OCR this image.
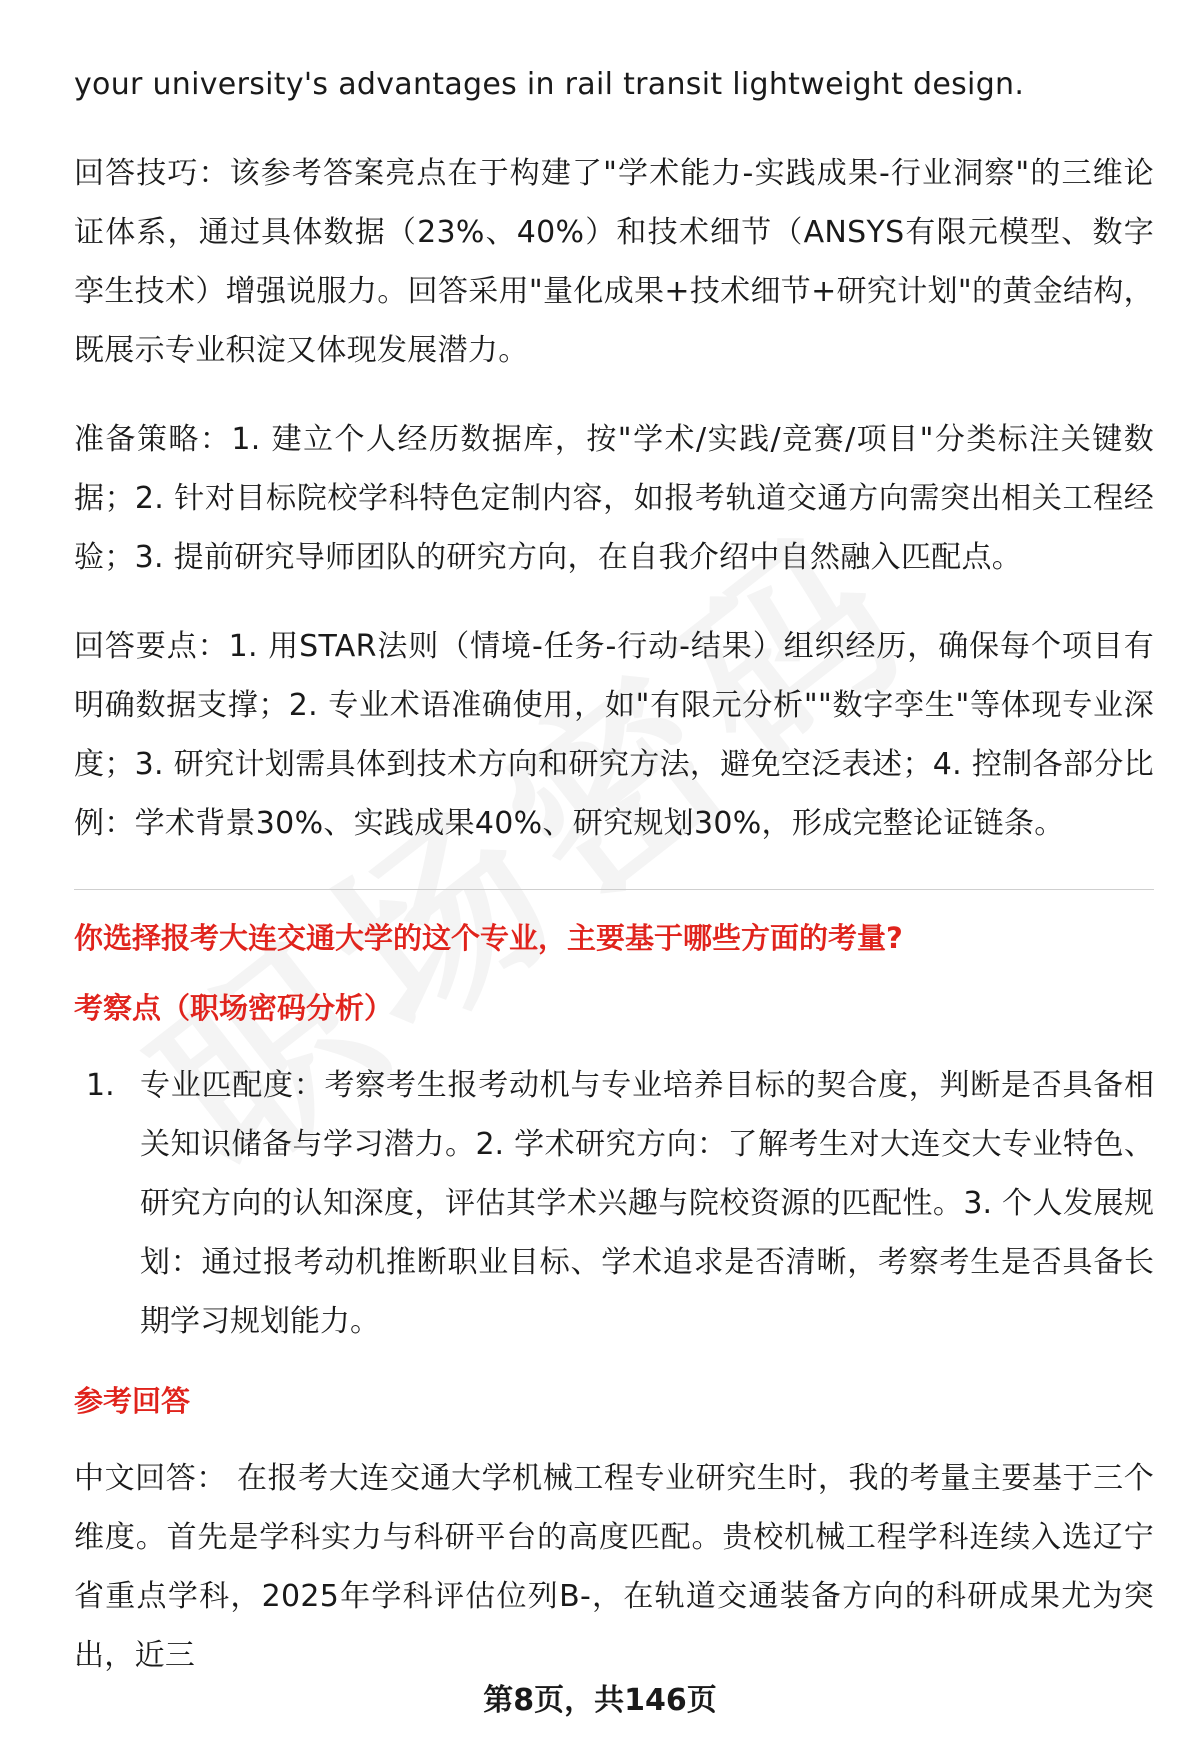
your university's advantages in rail transit lightweight design.

回答技巧：该参考答案亮点在于构建了"学术能力-实践成果-行业洞察"的三维论证体系，通过具体数据（23%、40%）和技术细节（ANSYS有限元模型、数字孪生技术）增强说服力。回答采用"量化成果+技术细节+研究计划"的黄金结构，既展示专业积淀又体现发展潜力。

准备策略：1. 建立个人经历数据库，按"学术/实践/竞赛/项目"分类标注关键数据；2. 针对目标院校学科特色定制内容，如报考轨道交通方向需突出相关工程经验；3. 提前研究导师团队的研究方向，在自我介绍中自然融入匹配点。

回答要点：1. 用STAR法则（情境-任务-行动-结果）组织经历，确保每个项目有明确数据支撑；2. 专业术语准确使用，如"有限元分析""数字孪生"等体现专业深度；3. 研究计划需具体到技术方向和研究方法，避免空泛表述；4. 控制各部分比例：学术背景30%、实践成果40%、研究规划30%，形成完整论证链条。

你选择报考大连交通大学的这个专业，主要基于哪些方面的考量?
考察点（职场密码分析）
1. 专业匹配度：考察考生报考动机与专业培养目标的契合度，判断是否具备相关知识储备与学习潜力。2. 学术研究方向：了解考生对大连交大专业特色、研究方向的认知深度，评估其学术兴趣与院校资源的匹配性。3. 个人发展规划：通过报考动机推断职业目标、学术追求是否清晰，考察考生是否具备长期学习规划能力。
参考回答

中文回答： 在报考大连交通大学机械工程专业研究生时，我的考量主要基于三个维度。首先是学科实力与科研平台的高度匹配。贵校机械工程学科连续入选辽宁省重点学科，2025年学科评估位列B-，在轨道交通装备方向的科研成果尤为突出，近三

第8页，共146页
